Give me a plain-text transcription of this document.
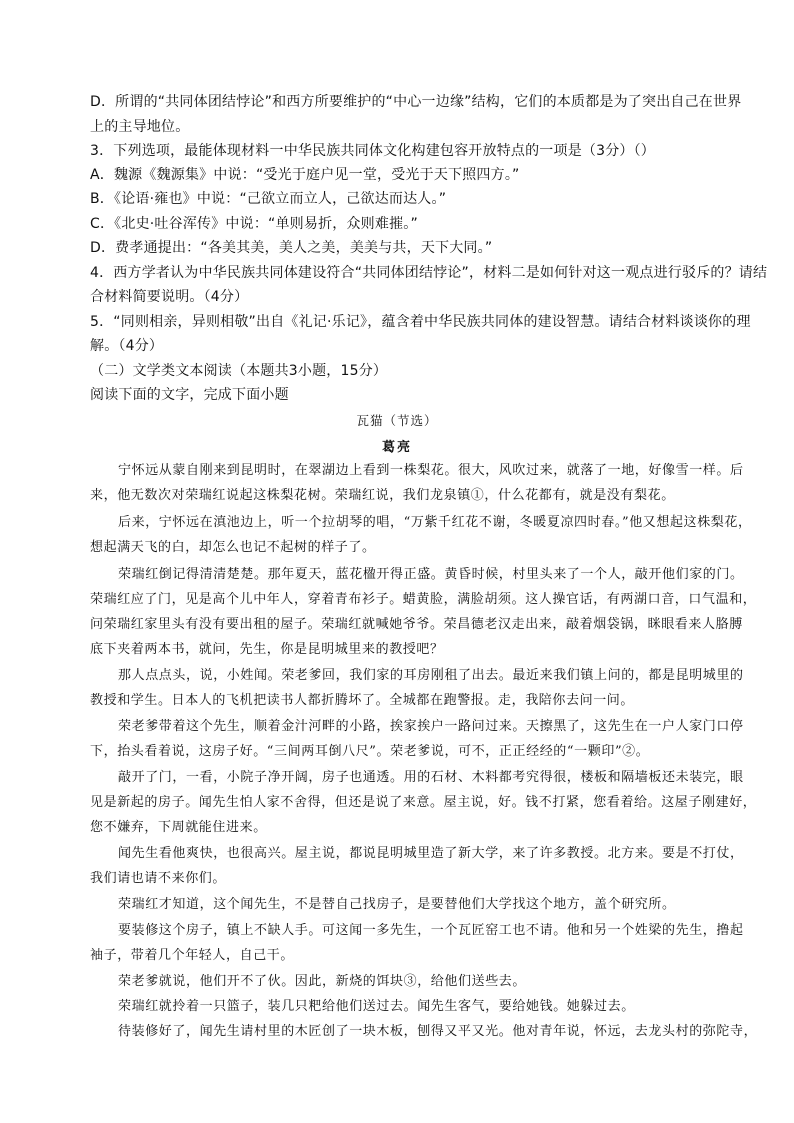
D．所谓的“共同体团结悖论”和西方所要维护的“中心一边缘”结构，它们的本质都是为了突出自己在世界
上的主导地位。
3．下列选项，最能体现材料一中华民族共同体文化构建包容开放特点的一项是（3分）（）
A．魏源《魏源集》中说：“受光于庭户见一堂，受光于天下照四方。”
B．《论语·雍也》中说：“己欲立而立人，己欲达而达人。”
C．《北史·吐谷浑传》中说：“单则易折，众则难摧。”
D．费孝通提出：“各美其美，美人之美，美美与共，天下大同。”
4．西方学者认为中华民族共同体建设符合“共同体团结悖论”，材料二是如何针对这一观点进行驳斥的？请结
合材料简要说明。（4分）
5．“同则相亲，异则相敬”出自《礼记·乐记》，蕴含着中华民族共同体的建设智慧。请结合材料谈谈你的理
解。（4分）
（二）文学类文本阅读（本题共3小题，15分）
阅读下面的文字，完成下面小题
瓦猫（节选）
葛亮
宁怀远从蒙自刚来到昆明时，在翠湖边上看到一株梨花。很大，风吹过来，就落了一地，好像雪一样。后
来，他无数次对荣瑞红说起这株梨花树。荣瑞红说，我们龙泉镇①，什么花都有，就是没有梨花。
后来，宁怀远在滇池边上，听一个拉胡琴的唱，“万紫千红花不谢，冬暖夏凉四时春。”他又想起这株梨花，
想起满天飞的白，却怎么也记不起树的样子了。
荣瑞红倒记得清清楚楚。那年夏天，蓝花楹开得正盛。黄昏时候，村里头来了一个人，敲开他们家的门。
荣瑞红应了门，见是高个儿中年人，穿着青布衫子。蜡黄脸，满脸胡须。这人操官话，有两湖口音，口气温和，
问荣瑞红家里头有没有要出租的屋子。荣瑞红就喊她爷爷。荣昌德老汉走出来，敲着烟袋锅，眯眼看来人胳膊
底下夹着两本书，就问，先生，你是昆明城里来的教授吧？
那人点点头，说，小姓闻。荣老爹回，我们家的耳房刚租了出去。最近来我们镇上问的，都是昆明城里的
教授和学生。日本人的飞机把读书人都折腾坏了。全城都在跑警报。走，我陪你去问一问。
荣老爹带着这个先生，顺着金汁河畔的小路，挨家挨户一路问过来。天擦黑了，这先生在一户人家门口停
下，抬头看着说，这房子好。“三间两耳倒八尺”。荣老爹说，可不，正正经经的“一颗印”②。
敲开了门，一看，小院子净开阔，房子也通透。用的石材、木料都考究得很，楼板和隔墙板还未装完，眼
见是新起的房子。闻先生怕人家不舍得，但还是说了来意。屋主说，好。钱不打紧，您看着给。这屋子刚建好，
您不嫌弃，下周就能住进来。
闻先生看他爽快，也很高兴。屋主说，都说昆明城里造了新大学，来了许多教授。北方来。要是不打仗，
我们请也请不来你们。
荣瑞红才知道，这个闻先生，不是替自己找房子，是要替他们大学找这个地方，盖个研究所。
要装修这个房子，镇上不缺人手。可这闻一多先生，一个瓦匠窑工也不请。他和另一个姓梁的先生，撸起
袖子，带着几个年轻人，自己干。
荣老爹就说，他们开不了伙。因此，新烧的饵块③，给他们送些去。
荣瑞红就拎着一只篮子，装几只粑给他们送过去。闻先生客气，要给她钱。她躲过去。
待装修好了，闻先生请村里的木匠创了一块木板，刨得又平又光。他对青年说，怀远，去龙头村的弥陀寺，
